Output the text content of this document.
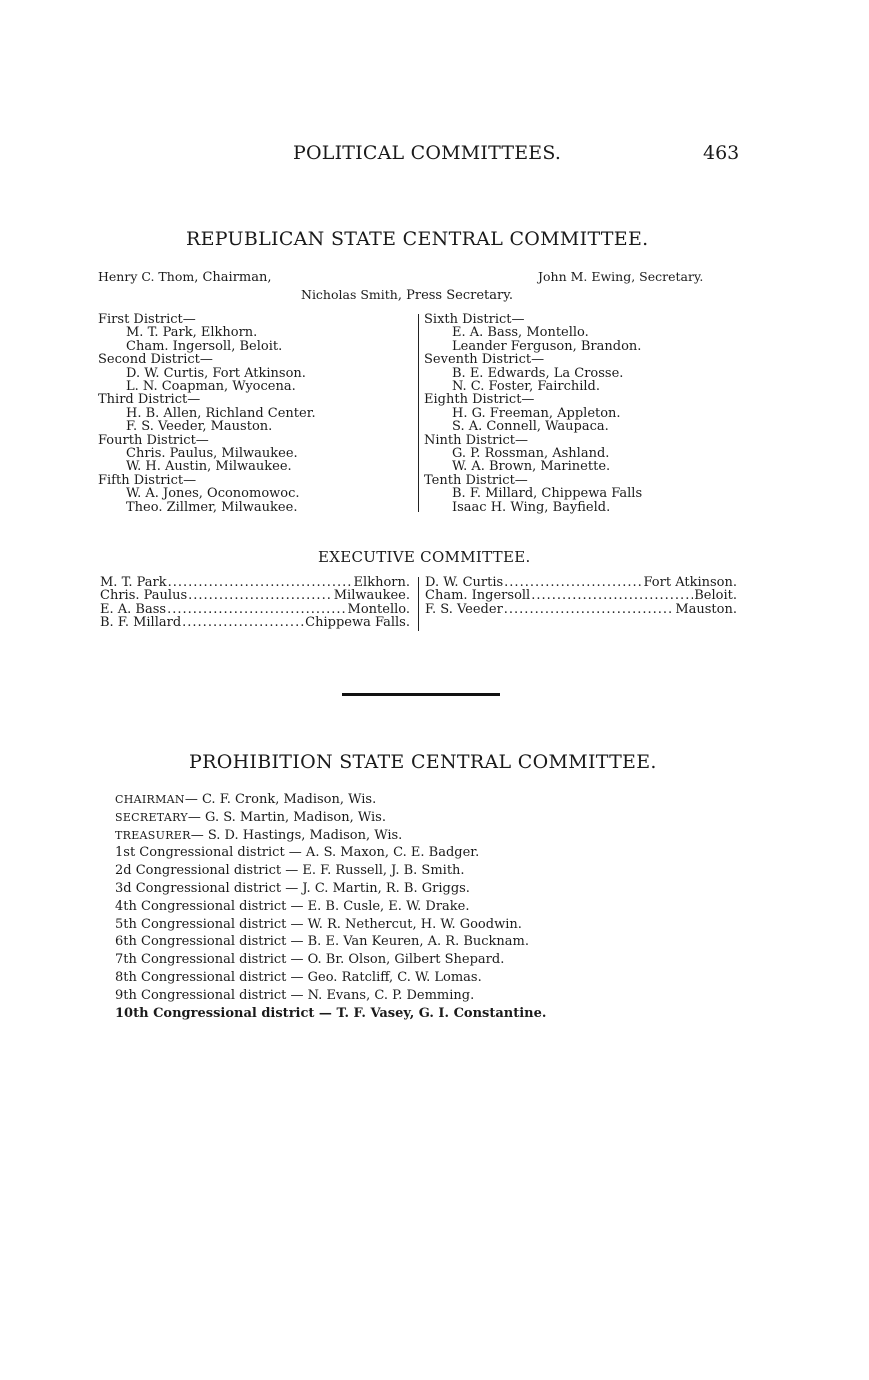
POLITICAL COMMITTEES.	463
REPUBLICAN STATE CENTRAL COMMITTEE.
Henry C. Thom, Chairman,	John M. Ewing, Secretary.
Nicholas Smith, Press Secretary.
First District—
M. T. Park, Elkhorn.
Cham. Ingersoll, Beloit.
Second District—
D. W. Curtis, Fort Atkinson.
L. N. Coapman, Wyocena.
Third District—
H. B. Allen, Richland Center.
F. S. Veeder, Mauston.
Fourth District—
Chris. Paulus, Milwaukee.
W. H. Austin, Milwaukee.
Fifth District—
W. A. Jones, Oconomowoc.
Theo. Zillmer, Milwaukee.
Sixth District—
E. A. Bass, Montello.
Leander Ferguson, Brandon.
Seventh District—
B. E. Edwards, La Crosse.
N. C. Foster, Fairchild.
Eighth District—
H. G. Freeman, Appleton.
S. A. Connell, Waupaca.
Ninth District—
G. P. Rossman, Ashland.
W. A. Brown, Marinette.
Tenth District—
B. F. Millard, Chippewa Falls
Isaac H. Wing, Bayfield.
EXECUTIVE COMMITTEE.
M. T. Park .....	Elkhorn.
Chris. Paulus .....	Milwaukee.
E. A. Bass .....	Montello.
B. F. Millard .....	Chippewa Falls.
D. W. Curtis .....	Fort Atkinson.
Cham. Ingersoll .....	Beloit.
F. S. Veeder .....	Mauston.
PROHIBITION STATE CENTRAL COMMITTEE.
CHAIRMAN— C. F. Cronk, Madison, Wis.
SECRETARY— G. S. Martin, Madison, Wis.
TREASURER— S. D. Hastings, Madison, Wis.
1st Congressional district — A. S. Maxon, C. E. Badger.
2d Congressional district — E. F. Russell, J. B. Smith.
3d Congressional district — J. C. Martin, R. B. Griggs.
4th Congressional district — E. B. Cusle, E. W. Drake.
5th Congressional district — W. R. Nethercut, H. W. Goodwin.
6th Congressional district — B. E. Van Keuren, A. R. Bucknam.
7th Congressional district — O. Br. Olson, Gilbert Shepard.
8th Congressional district — Geo. Ratcliff, C. W. Lomas.
9th Congressional district — N. Evans, C. P. Demming.
10th Congressional district — T. F. Vasey, G. I. Constantine.
